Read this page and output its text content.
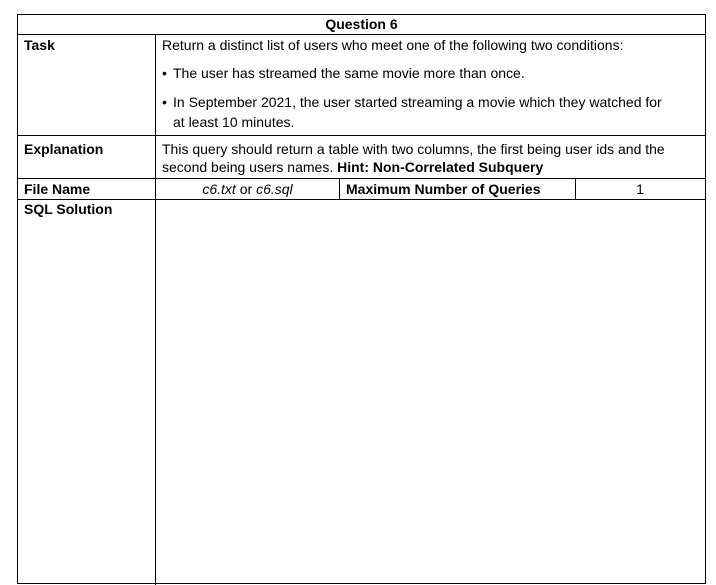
Question 6
Task	Return a distinct list of users who meet one of the following two conditions:
• The user has streamed the same movie more than once.
• In September 2021, the user started streaming a movie which they watched for
at least 10 minutes.
Explanation	This query should return a table with two columns, the first being user ids and the
second being users names. Hint: Non-Correlated Subquery
File Name	c6.txt or c6.sql	Maximum Number of Queries	1
SQL Solution
